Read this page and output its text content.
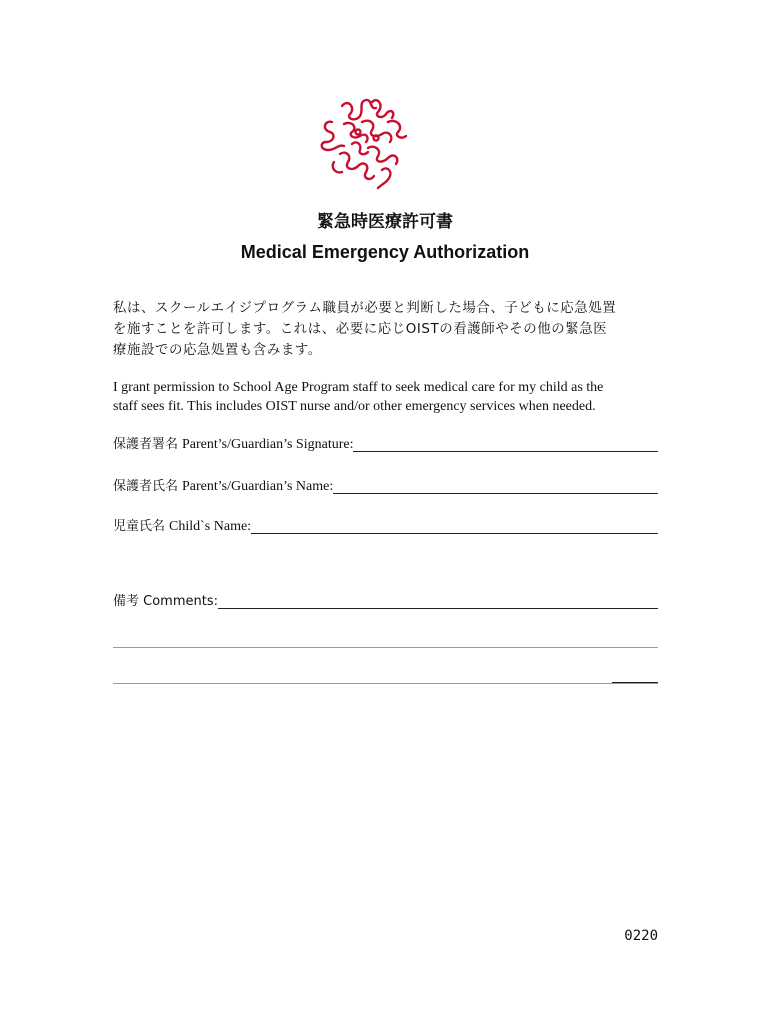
緊急時医療許可書
Medical Emergency Authorization
私は、スクールエイジプログラム職員が必要と判断した場合、子どもに応急処置
を施すことを許可します。これは、必要に応じOISTの看護師やその他の緊急医
療施設での応急処置も含みます。
I grant permission to School Age Program staff to seek medical care for my child as the
staff sees fit. This includes OIST nurse and/or other emergency services when needed.
保護者署名 Parent’s/Guardian’s Signature:
保護者氏名 Parent’s/Guardian’s Name:
児童氏名 Child`s Name:
備考 Comments:
0220
